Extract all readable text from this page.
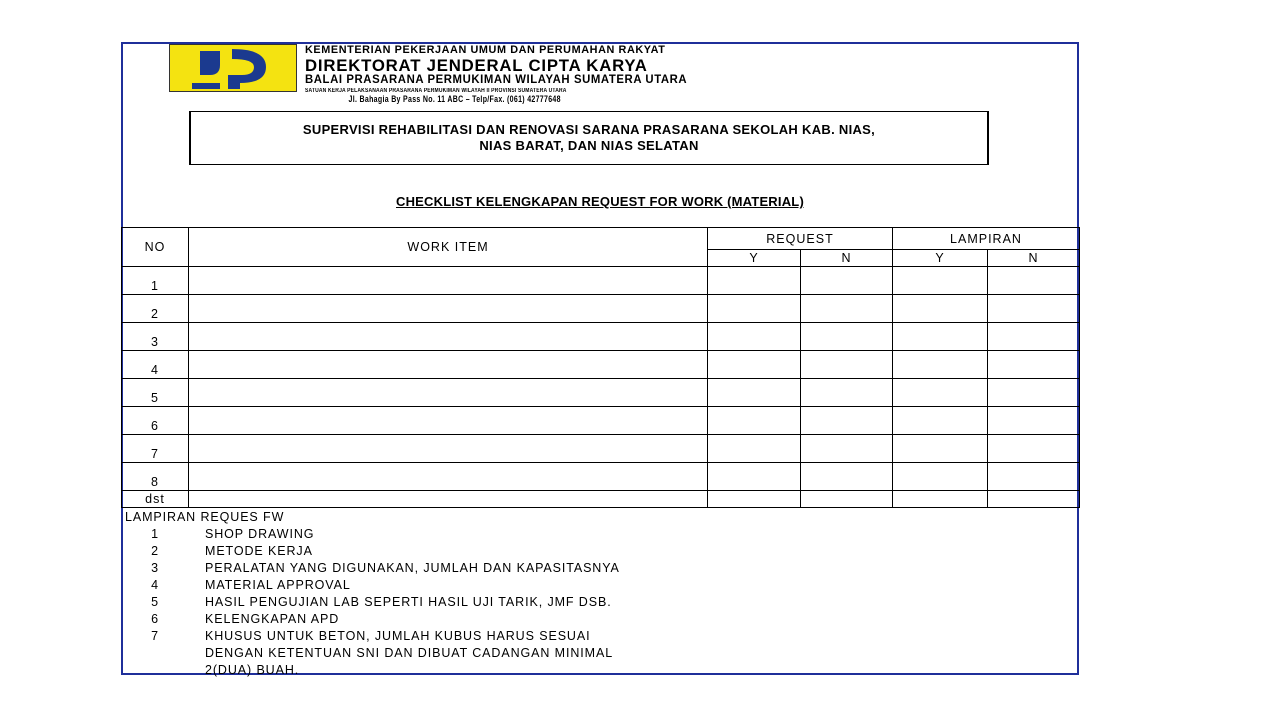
KEMENTERIAN PEKERJAAN UMUM DAN PERUMAHAN RAKYAT
DIREKTORAT JENDERAL CIPTA KARYA
BALAI PRASARANA PERMUKIMAN WILAYAH SUMATERA UTARA
SATUAN KERJA PELAKSANAAN PRASARANA PERMUKIMAN WILAYAH II PROVINSI SUMATERA UTARA
Jl. Bahagia By Pass No. 11 ABC – Telp/Fax. (061) 42777648
SUPERVISI REHABILITASI DAN RENOVASI SARANA PRASARANA SEKOLAH KAB. NIAS,
NIAS BARAT, DAN NIAS SELATAN
CHECKLIST KELENGKAPAN REQUEST FOR WORK (MATERIAL)
NO	WORK ITEM	REQUEST		LAMPIRAN	
		Y	N	Y	N
1					
2					
3					
4					
5					
6					
7					
8					
dst					
LAMPIRAN REQUES FW
1	SHOP DRAWING
2	METODE KERJA
3	PERALATAN YANG DIGUNAKAN, JUMLAH DAN KAPASITASNYA
4	MATERIAL APPROVAL
5	HASIL PENGUJIAN LAB SEPERTI HASIL UJI TARIK, JMF DSB.
6	KELENGKAPAN APD
7	KHUSUS UNTUK BETON, JUMLAH KUBUS HARUS SESUAI
DENGAN KETENTUAN SNI DAN DIBUAT CADANGAN MINIMAL
2(DUA) BUAH.
